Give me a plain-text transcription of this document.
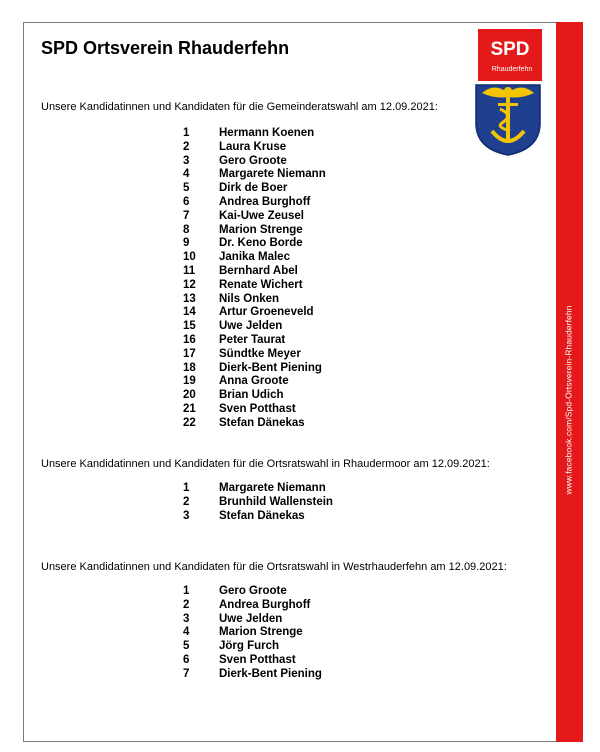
www.facebook.com/Spd-Ortsverein-Rhauderfehn
SPD Ortsverein Rhauderfehn	SPD
Rhauderfehn
Unsere Kandidatinnen und Kandidaten für die Gemeinderatswahl am 12.09.2021:
1	Hermann Koenen
2	Laura Kruse
3	Gero Groote
4	Margarete Niemann
5	Dirk de Boer
6	Andrea Burghoff
7	Kai-Uwe Zeusel
8	Marion Strenge
9	Dr. Keno Borde
10	Janika Malec
11	Bernhard Abel
12	Renate Wichert
13	Nils Onken
14	Artur Groeneveld
15	Uwe Jelden
16	Peter Taurat
17	Sündtke Meyer
18	Dierk-Bent Piening
19	Anna Groote
20	Brian Udich
21	Sven Potthast
22	Stefan Dänekas
Unsere Kandidatinnen und Kandidaten für die Ortsratswahl in Rhaudermoor am 12.09.2021:
1	Margarete Niemann
2	Brunhild Wallenstein
3	Stefan Dänekas
Unsere Kandidatinnen und Kandidaten für die Ortsratswahl in Westrhauderfehn am 12.09.2021:
1	Gero Groote
2	Andrea Burghoff
3	Uwe Jelden
4	Marion Strenge
5	Jörg Furch
6	Sven Potthast
7	Dierk-Bent Piening
